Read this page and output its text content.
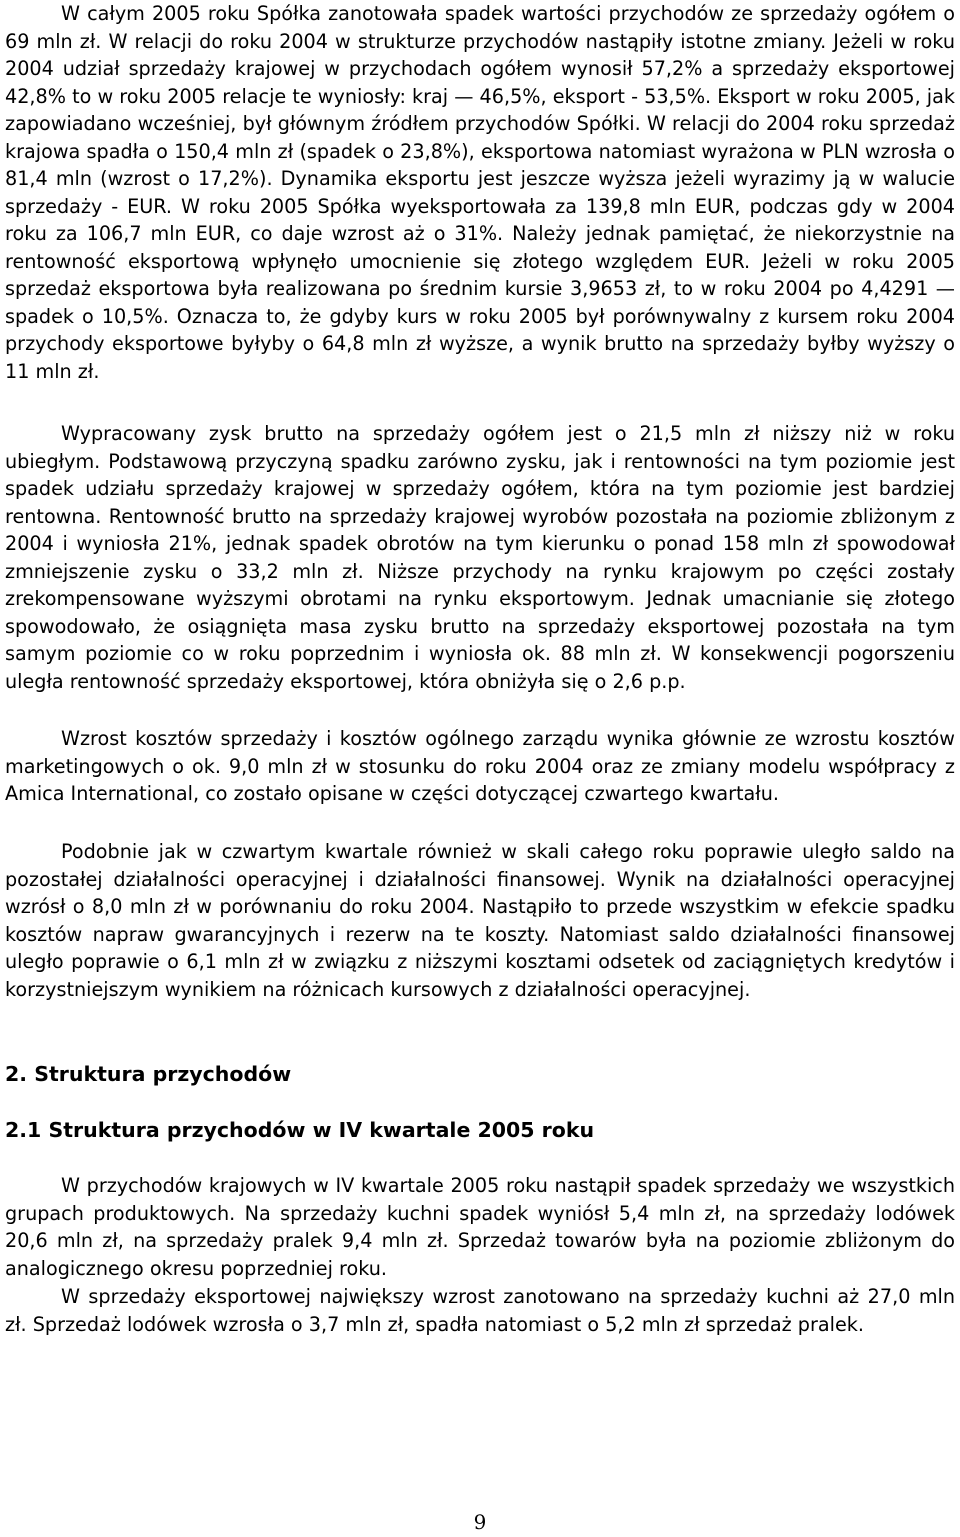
W całym 2005 roku Spółka zanotowała spadek wartości przychodów ze sprzedaży ogółem o 69 mln zł. W relacji do roku 2004 w strukturze przychodów nastąpiły istotne zmiany. Jeżeli w roku 2004 udział sprzedaży krajowej w przychodach ogółem wynosił 57,2% a sprzedaży eksportowej 42,8% to w roku 2005 relacje te wyniosły: kraj — 46,5%, eksport - 53,5%. Eksport w roku 2005, jak zapowiadano wcześniej, był głównym źródłem przychodów Spółki. W relacji do 2004 roku sprzedaż krajowa spadła o 150,4 mln zł (spadek o 23,8%), eksportowa natomiast wyrażona w PLN wzrosła o 81,4 mln (wzrost o 17,2%). Dynamika eksportu jest jeszcze wyższa jeżeli wyrazimy ją w walucie sprzedaży - EUR. W roku 2005 Spółka wyeksportowała za 139,8 mln EUR, podczas gdy w 2004 roku za 106,7 mln EUR, co daje wzrost aż o 31%. Należy jednak pamiętać, że niekorzystnie na rentowność eksportową wpłynęło umocnienie się złotego względem EUR. Jeżeli w roku 2005 sprzedaż eksportowa była realizowana po średnim kursie 3,9653 zł, to w roku 2004 po 4,4291 — spadek o 10,5%. Oznacza to, że gdyby kurs w roku 2005 był porównywalny z kursem roku 2004 przychody eksportowe byłyby o 64,8 mln zł wyższe, a wynik brutto na sprzedaży byłby wyższy o 11 mln zł.

Wypracowany zysk brutto na sprzedaży ogółem jest o 21,5 mln zł niższy niż w roku ubiegłym. Podstawową przyczyną spadku zarówno zysku, jak i rentowności na tym poziomie jest spadek udziału sprzedaży krajowej w sprzedaży ogółem, która na tym poziomie jest bardziej rentowna. Rentowność brutto na sprzedaży krajowej wyrobów pozostała na poziomie zbliżonym z 2004 i wyniosła 21%, jednak spadek obrotów na tym kierunku o ponad 158 mln zł spowodował zmniejszenie zysku o 33,2 mln zł. Niższe przychody na rynku krajowym po części zostały zrekompensowane wyższymi obrotami na rynku eksportowym. Jednak umacnianie się złotego spowodowało, że osiągnięta masa zysku brutto na sprzedaży eksportowej pozostała na tym samym poziomie co w roku poprzednim i wyniosła ok. 88 mln zł. W konsekwencji pogorszeniu uległa rentowność sprzedaży eksportowej, która obniżyła się o 2,6 p.p.

Wzrost kosztów sprzedaży i kosztów ogólnego zarządu wynika głównie ze wzrostu kosztów marketingowych o ok. 9,0 mln zł w stosunku do roku 2004 oraz ze zmiany modelu współpracy z Amica International, co zostało opisane w części dotyczącej czwartego kwartału.

Podobnie jak w czwartym kwartale również w skali całego roku poprawie uległo saldo na pozostałej działalności operacyjnej i działalności finansowej. Wynik na działalności operacyjnej wzrósł o 8,0 mln zł w porównaniu do roku 2004. Nastąpiło to przede wszystkim w efekcie spadku kosztów napraw gwarancyjnych i rezerw na te koszty. Natomiast saldo działalności finansowej uległo poprawie o 6,1 mln zł w związku z niższymi kosztami odsetek od zaciągniętych kredytów i korzystniejszym wynikiem na różnicach kursowych z działalności operacyjnej.

2. Struktura przychodów
2.1 Struktura przychodów w IV kwartale 2005 roku

W przychodów krajowych w IV kwartale 2005 roku nastąpił spadek sprzedaży we wszystkich grupach produktowych. Na sprzedaży kuchni spadek wyniósł 5,4 mln zł, na sprzedaży lodówek 20,6 mln zł, na sprzedaży pralek 9,4 mln zł. Sprzedaż towarów była na poziomie zbliżonym do analogicznego okresu poprzedniej roku.

W sprzedaży eksportowej największy wzrost zanotowano na sprzedaży kuchni aż 27,0 mln zł. Sprzedaż lodówek wzrosła o 3,7 mln zł, spadła natomiast o 5,2 mln zł sprzedaż pralek.

9
